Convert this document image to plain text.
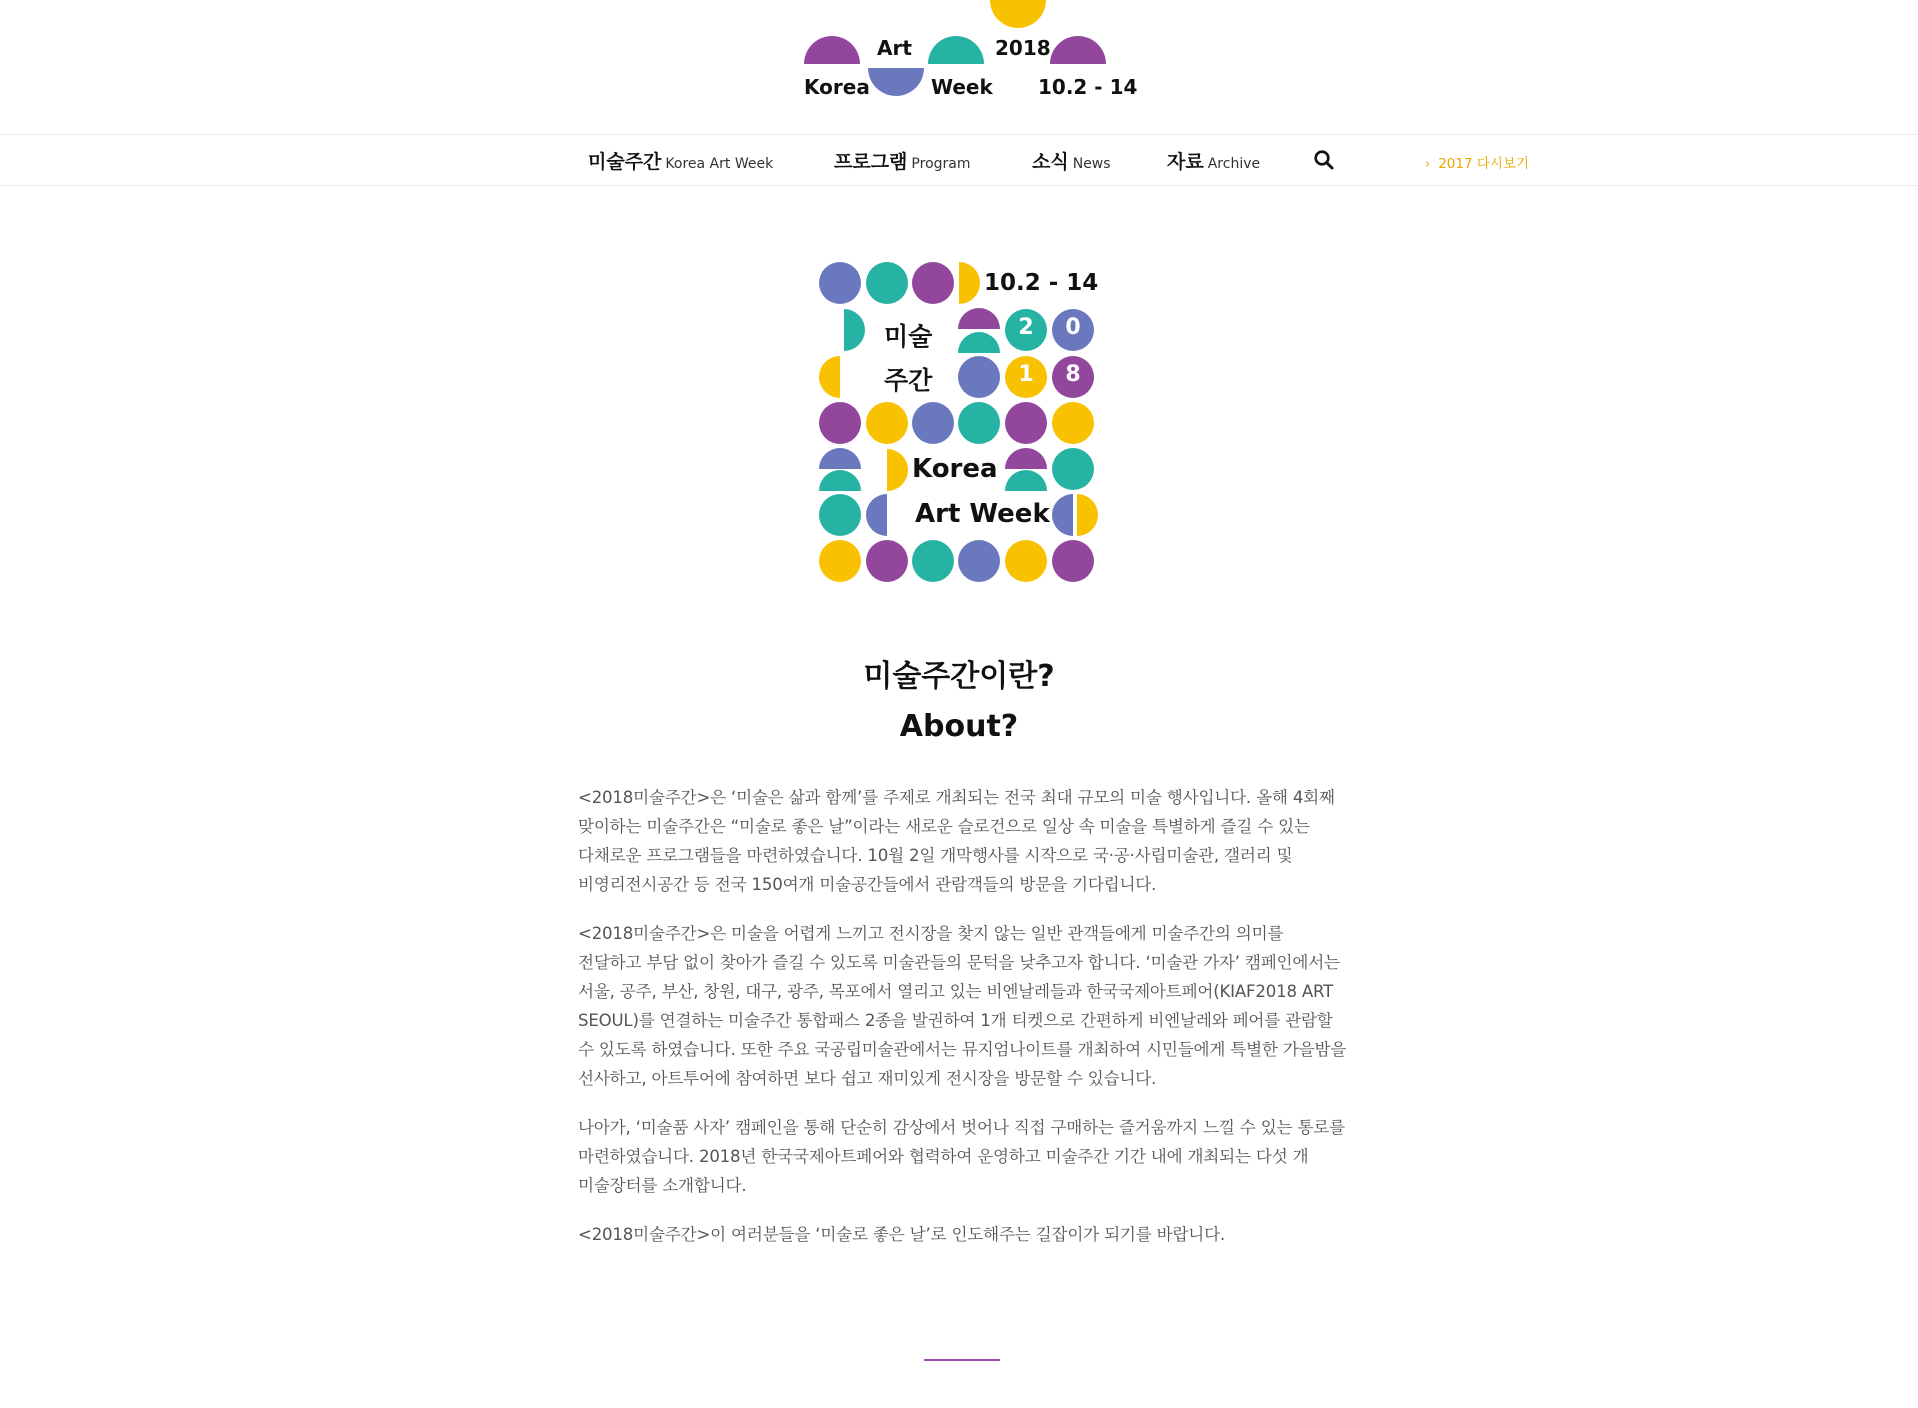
Art	2018
Korea	Week 10.2 - 14
미술주간 Korea Art Week	프로그램 Program	소식 News	자료 Archive	› 2017 다시보기
10.2 - 14
미술
주간
2	0
1	8
Korea
Art Week
미술주간이란?
About?

<2018미술주간>은 ‘미술은 삶과 함께’를 주제로 개최되는 전국 최대 규모의 미술 행사입니다. 올해 4회째 맞이하는 미술주간은 “미술로 좋은 날”이라는 새로운 슬로건으로 일상 속 미술을 특별하게 즐길 수 있는 다채로운 프로그램들을 마련하였습니다. 10월 2일 개막행사를 시작으로 국·공·사립미술관, 갤러리 및 비영리전시공간 등 전국 150여개 미술공간들에서 관람객들의 방문을 기다립니다.

<2018미술주간>은 미술을 어렵게 느끼고 전시장을 찾지 않는 일반 관객들에게 미술주간의 의미를 전달하고 부담 없이 찾아가 즐길 수 있도록 미술관들의 문턱을 낮추고자 합니다. ‘미술관 가자’ 캠페인에서는 서울, 공주, 부산, 창원, 대구, 광주, 목포에서 열리고 있는 비엔날레들과 한국국제아트페어(KIAF2018 ART SEOUL)를 연결하는 미술주간 통합패스 2종을 발권하여 1개 티켓으로 간편하게 비엔날레와 페어를 관람할 수 있도록 하였습니다. 또한 주요 국공립미술관에서는 뮤지엄나이트를 개최하여 시민들에게 특별한 가을밤을 선사하고, 아트투어에 참여하면 보다 쉽고 재미있게 전시장을 방문할 수 있습니다.

나아가, ‘미술품 사자’ 캠페인을 통해 단순히 감상에서 벗어나 직접 구매하는 즐거움까지 느낄 수 있는 통로를 마련하였습니다. 2018년 한국국제아트페어와 협력하여 운영하고 미술주간 기간 내에 개최되는 다섯 개 미술장터를 소개합니다.

<2018미술주간>이 여러분들을 ‘미술로 좋은 날’로 인도해주는 길잡이가 되기를 바랍니다.
